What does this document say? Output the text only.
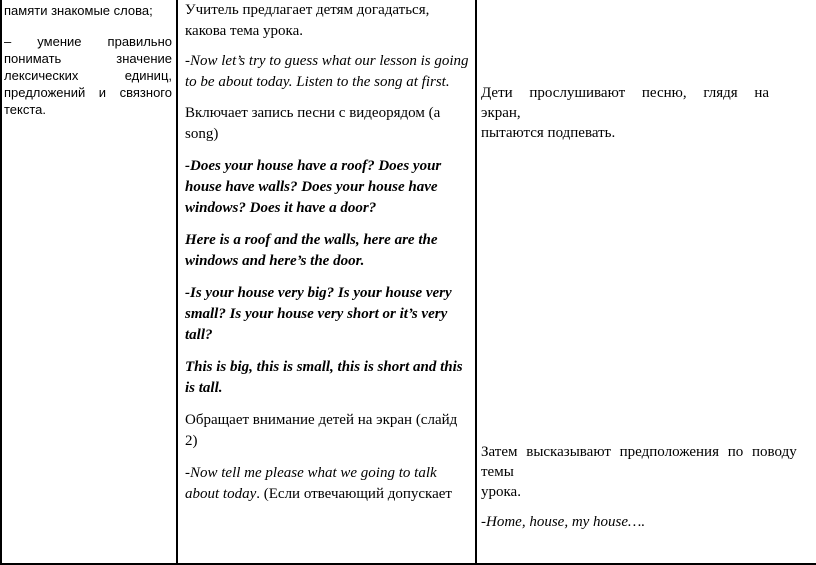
памяти знакомые слова;

– умение правильно понимать значение лексических единиц, предложений и связного текста.

Учитель предлагает детям догадаться, какова тема урока.

-Now let’s try to guess what our lesson is going to be about today. Listen to the song at first.

Включает запись песни с видеорядом (a song)

-Does your house have a roof? Does your house have walls? Does your house have windows? Does it have a door?

Here is a roof and the walls, here are the windows and here’s the door.

-Is your house very big? Is your house very small? Is your house very short or it’s very tall?

This is big, this is small, this is short and this is tall.

Обращает внимание детей на экран (слайд 2)

-Now tell me please what we going to talk about today. (Если отвечающий допускает

Дети прослушивают песню, глядя на экран,

пытаются подпевать.

Затем высказывают предположения по поводу темы

урока.

-Home, house, my house….
